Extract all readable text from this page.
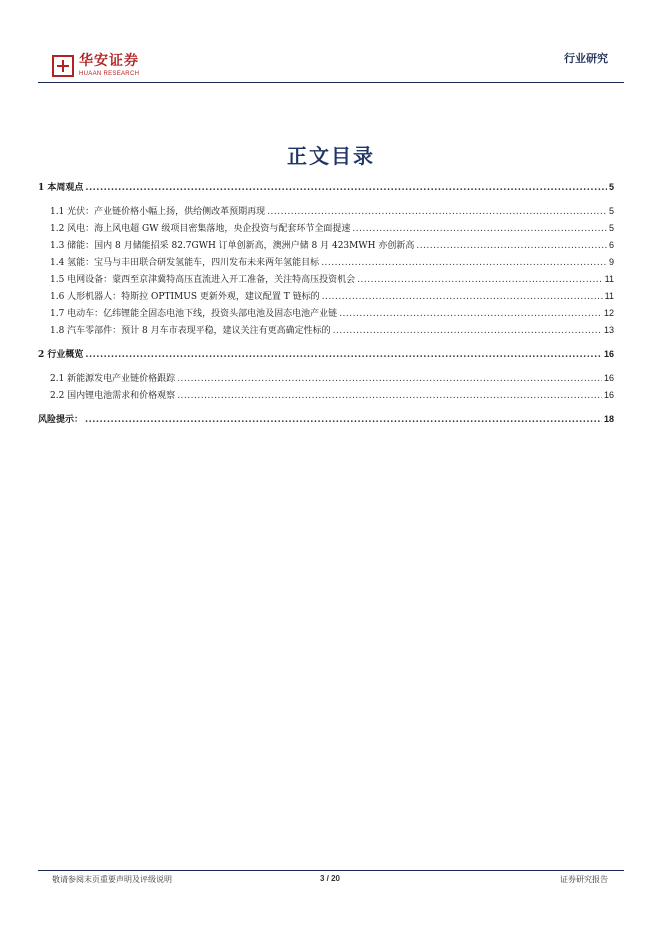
华安证券
HUAAN RESEARCH
行业研究
正文目录
1 本周观点 .....	5
1.1 光伏：产业链价格小幅上扬，供给侧改革预期再现 .....	5
1.2 风电：海上风电超 GW 级项目密集落地，央企投资与配套环节全面提速 .....	5
1.3 储能：国内 8 月储能招采 82.7GWH 订单创新高，澳洲户储 8 月 423MWH 亦创新高 .....	6
1.4 氢能：宝马与丰田联合研发氢能车，四川发布未来两年氢能目标 .....	9
1.5 电网设备：蒙西至京津冀特高压直流进入开工准备，关注特高压投资机会 .....	11
1.6 人形机器人：特斯拉 OPTIMUS 更新外观，建议配置 T 链标的 .....	11
1.7 电动车：亿纬锂能全固态电池下线，投资头部电池及固态电池产业链 .....	12
1.8 汽车零部件：预计 8 月车市表现平稳，建议关注有更高确定性标的 .....	13
2 行业概览 .....	16
2.1 新能源发电产业链价格跟踪 .....	16
2.2 国内锂电池需求和价格观察 .....	16
风险提示： .....	18
敬请参阅末页重要声明及评级说明	3 / 20	证券研究报告
